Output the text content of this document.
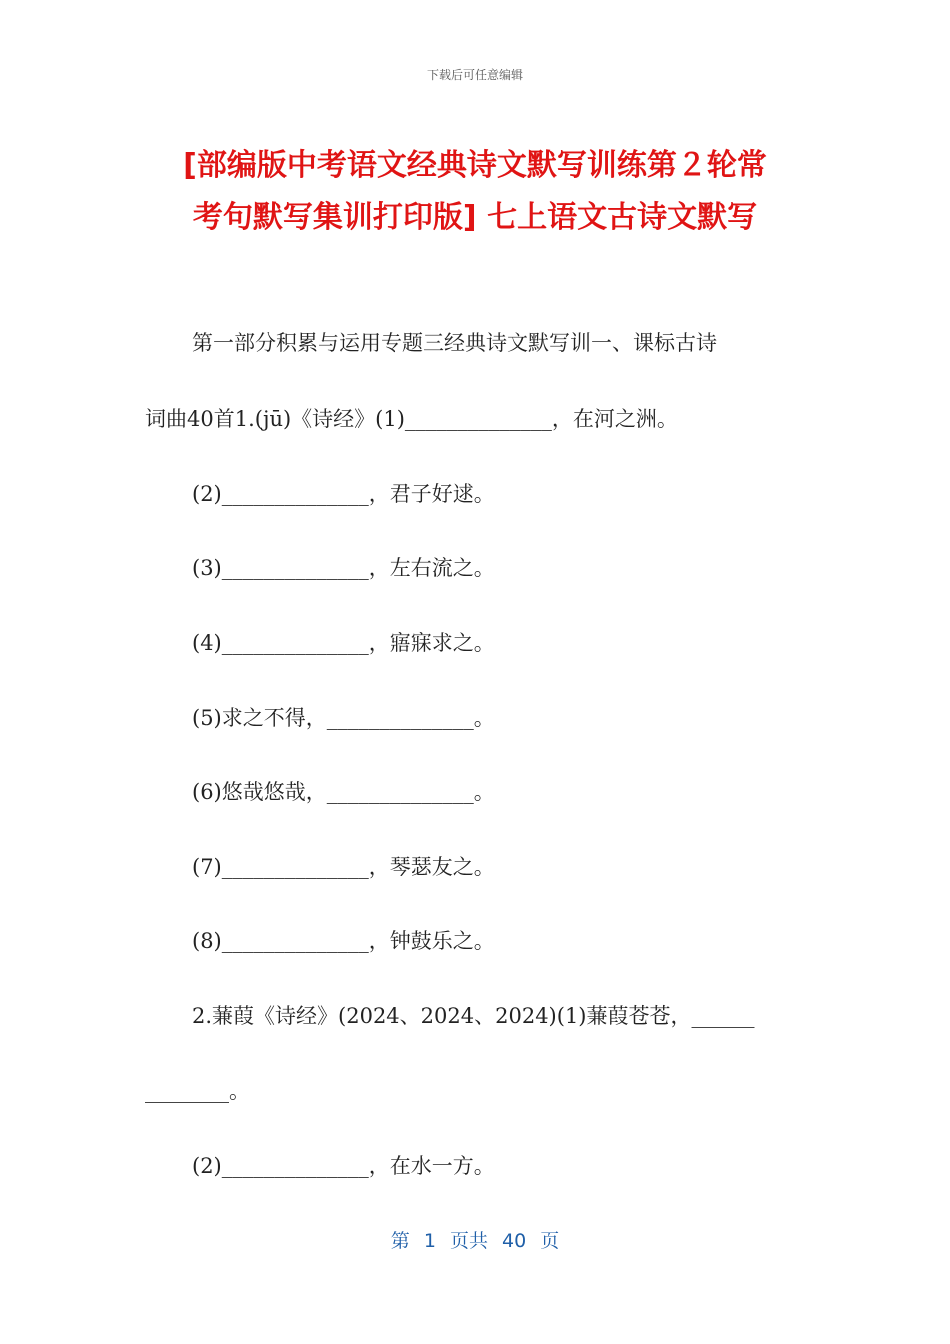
下载后可任意编辑
[部编版中考语文经典诗文默写训练第２轮常
考句默写集训打印版] 七上语文古诗文默写
第一部分积累与运用专题三经典诗文默写训一、课标古诗
词曲40首1.(jū)《诗经》(1)______________，在河之洲。
(2)______________，君子好逑。
(3)______________，左右流之。
(4)______________，寤寐求之。
(5)求之不得，______________。
(6)悠哉悠哉，______________。
(7)______________，琴瑟友之。
(8)______________，钟鼓乐之。
2.蒹葭《诗经》(2024、2024、2024)(1)蒹葭苍苍，______
________。
(2)______________，在水一方。
第 1 页共 40 页
